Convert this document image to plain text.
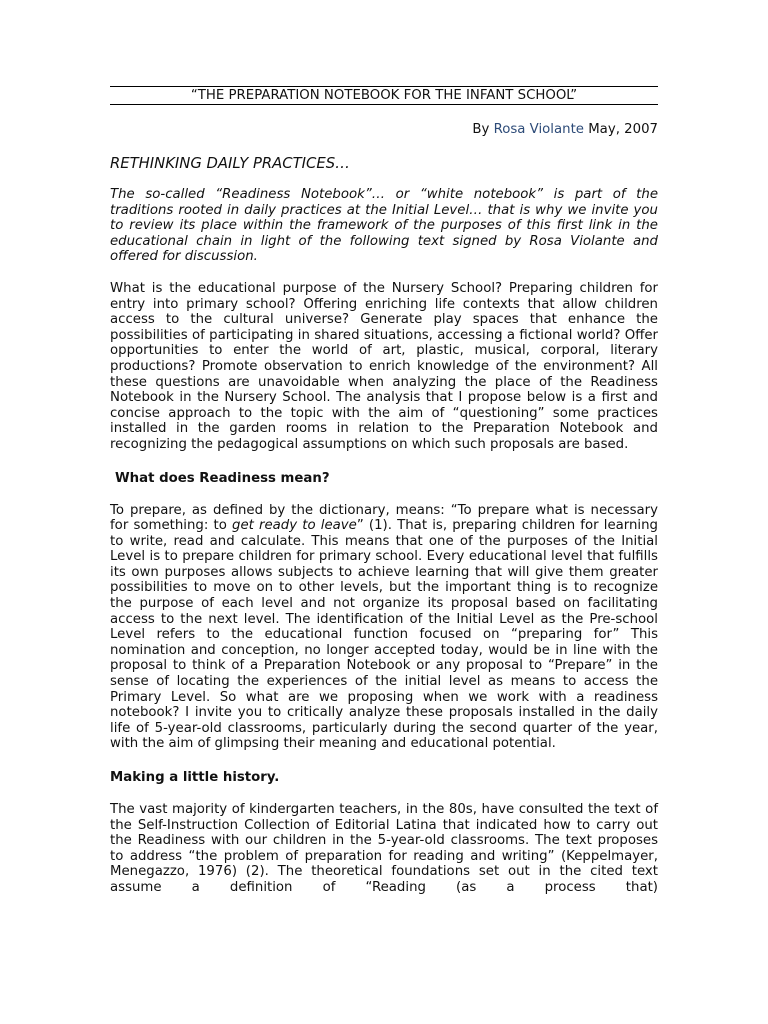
“THE PREPARATION NOTEBOOK FOR THE INFANT SCHOOL”
By Rosa Violante May, 2007
RETHINKING DAILY PRACTICES…

The so-called “Readiness Notebook”… or “white notebook” is part of the traditions rooted in daily practices at the Initial Level… that is why we invite you to review its place within the framework of the purposes of this first link in the educational chain in light of the following text signed by Rosa Violante and offered for discussion.

What is the educational purpose of the Nursery School? Preparing children for entry into primary school? Offering enriching life contexts that allow children access to the cultural universe? Generate play spaces that enhance the possibilities of participating in shared situations, accessing a fictional world? Offer opportunities to enter the world of art, plastic, musical, corporal, literary productions? Promote observation to enrich knowledge of the environment? All these questions are unavoidable when analyzing the place of the Readiness Notebook in the Nursery School. The analysis that I propose below is a first and concise approach to the topic with the aim of “questioning” some practices installed in the garden rooms in relation to the Preparation Notebook and recognizing the pedagogical assumptions on which such proposals are based.

What does Readiness mean?

To prepare, as defined by the dictionary, means: “To prepare what is necessary for something: to get ready to leave” (1). That is, preparing children for learning to write, read and calculate. This means that one of the purposes of the Initial Level is to prepare children for primary school. Every educational level that fulfills its own purposes allows subjects to achieve learning that will give them greater possibilities to move on to other levels, but the important thing is to recognize the purpose of each level and not organize its proposal based on facilitating access to the next level. The identification of the Initial Level as the Pre-school Level refers to the educational function focused on “preparing for” This nomination and conception, no longer accepted today, would be in line with the proposal to think of a Preparation Notebook or any proposal to “Prepare” in the sense of locating the experiences of the initial level as means to access the Primary Level. So what are we proposing when we work with a readiness notebook? I invite you to critically analyze these proposals installed in the daily life of 5-year-old classrooms, particularly during the second quarter of the year, with the aim of glimpsing their meaning and educational potential.

Making a little history.

The vast majority of kindergarten teachers, in the 80s, have consulted the text of the Self-Instruction Collection of Editorial Latina that indicated how to carry out the Readiness with our children in the 5-year-old classrooms. The text proposes to address “the problem of preparation for reading and writing” (Keppelmayer, Menegazzo, 1976) (2). The theoretical foundations set out in the cited text assume a definition of “Reading (as a process that)
